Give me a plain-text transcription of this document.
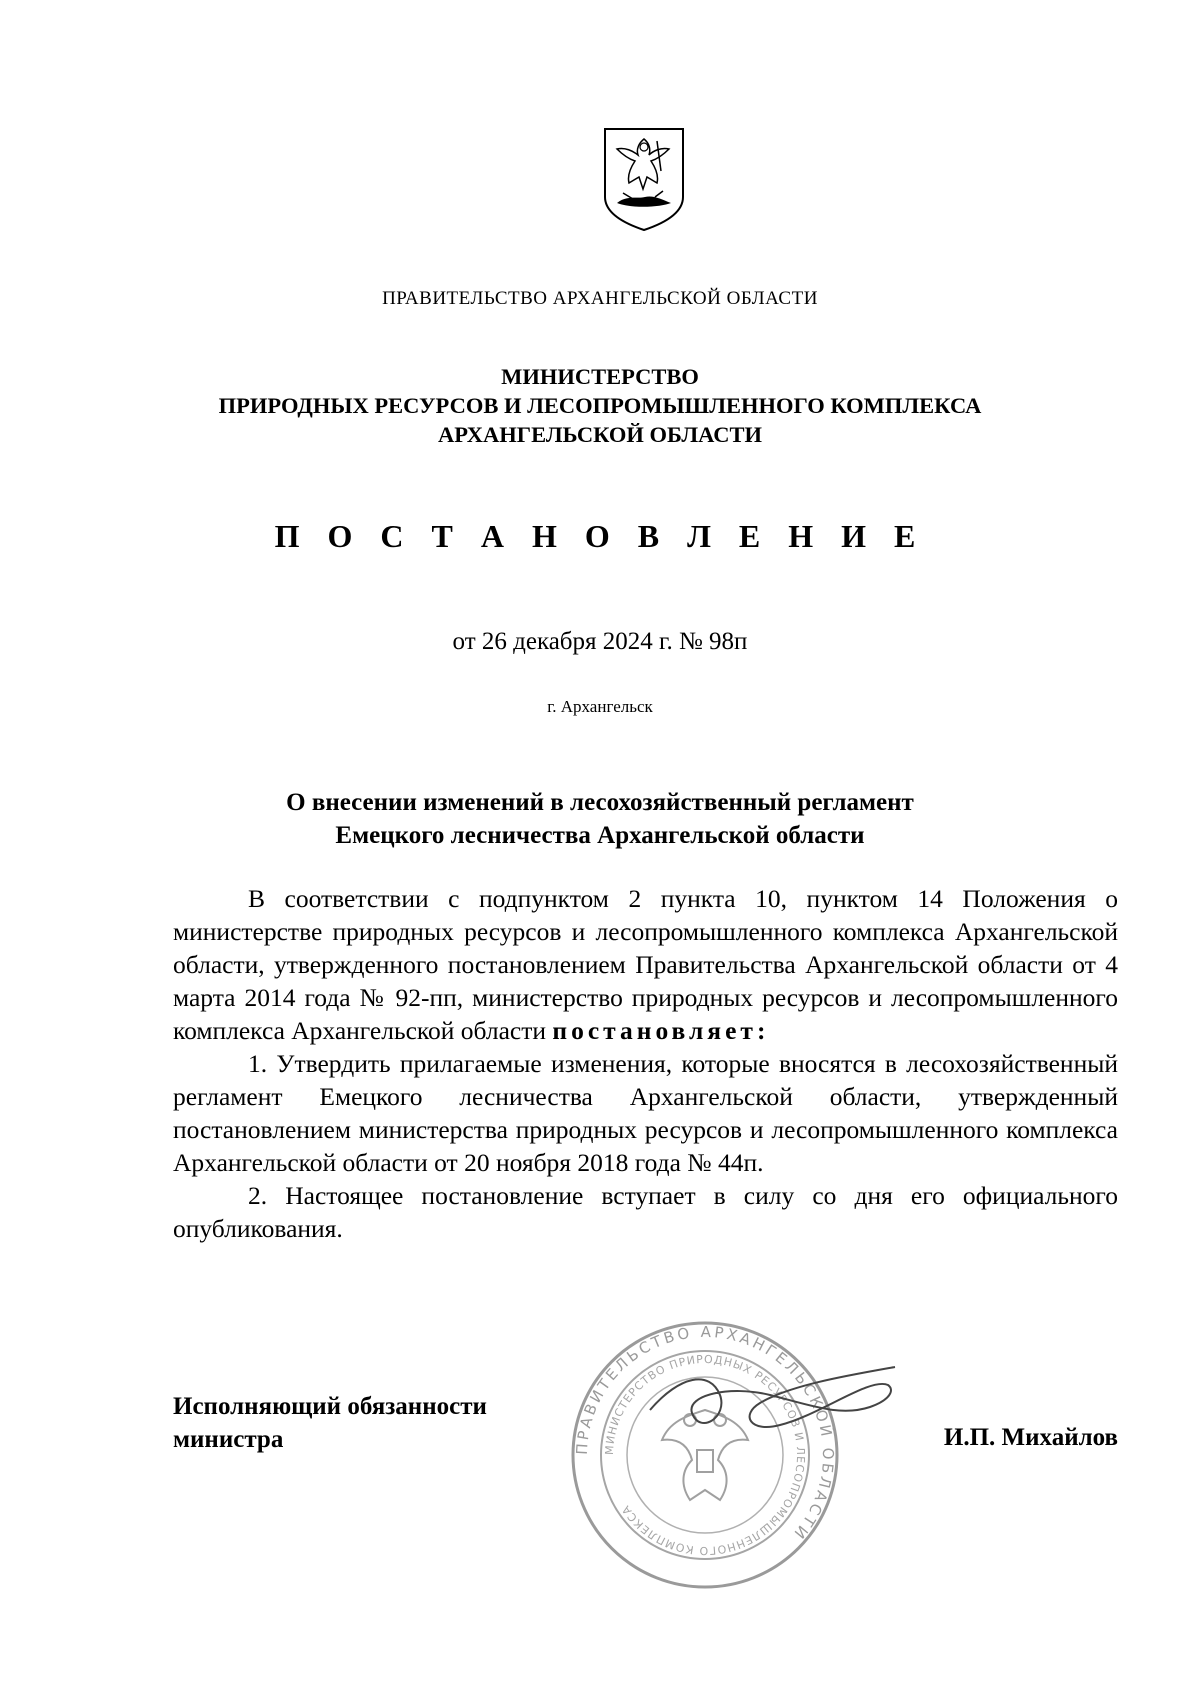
ПРАВИТЕЛЬСТВО АРХАНГЕЛЬСКОЙ ОБЛАСТИ
МИНИСТЕРСТВО
ПРИРОДНЫХ РЕСУРСОВ И ЛЕСОПРОМЫШЛЕННОГО КОМПЛЕКСА
АРХАНГЕЛЬСКОЙ ОБЛАСТИ
П О С Т А Н О В Л Е Н И Е
от 26 декабря 2024 г. № 98п
г. Архангельск
О внесении изменений в лесохозяйственный регламент
Емецкого лесничества Архангельской области

В соответствии с подпунктом 2 пункта 10, пунктом 14 Положения о министерстве природных ресурсов и лесопромышленного комплекса Архангельской области, утвержденного постановлением Правительства Архангельской области от 4 марта 2014 года № 92-пп, министерство природных ресурсов и лесопромышленного комплекса Архангельской области постановляет:

1. Утвердить прилагаемые изменения, которые вносятся в лесохозяйственный регламент Емецкого лесничества Архангельской области, утвержденный постановлением министерства природных ресурсов и лесопромышленного комплекса Архангельской области от 20 ноября 2018 года № 44п.

2. Настоящее постановление вступает в силу со дня его официального опубликования.

ПРАВИТЕЛЬСТВО АРХАНГЕЛЬСКОЙ ОБЛАСТИ
МИНИСТЕРСТВО ПРИРОДНЫХ РЕСУРСОВ И ЛЕСОПРОМЫШЛЕННОГО КОМПЛЕКСА
Исполняющий обязанности
министра	И.П. Михайлов
